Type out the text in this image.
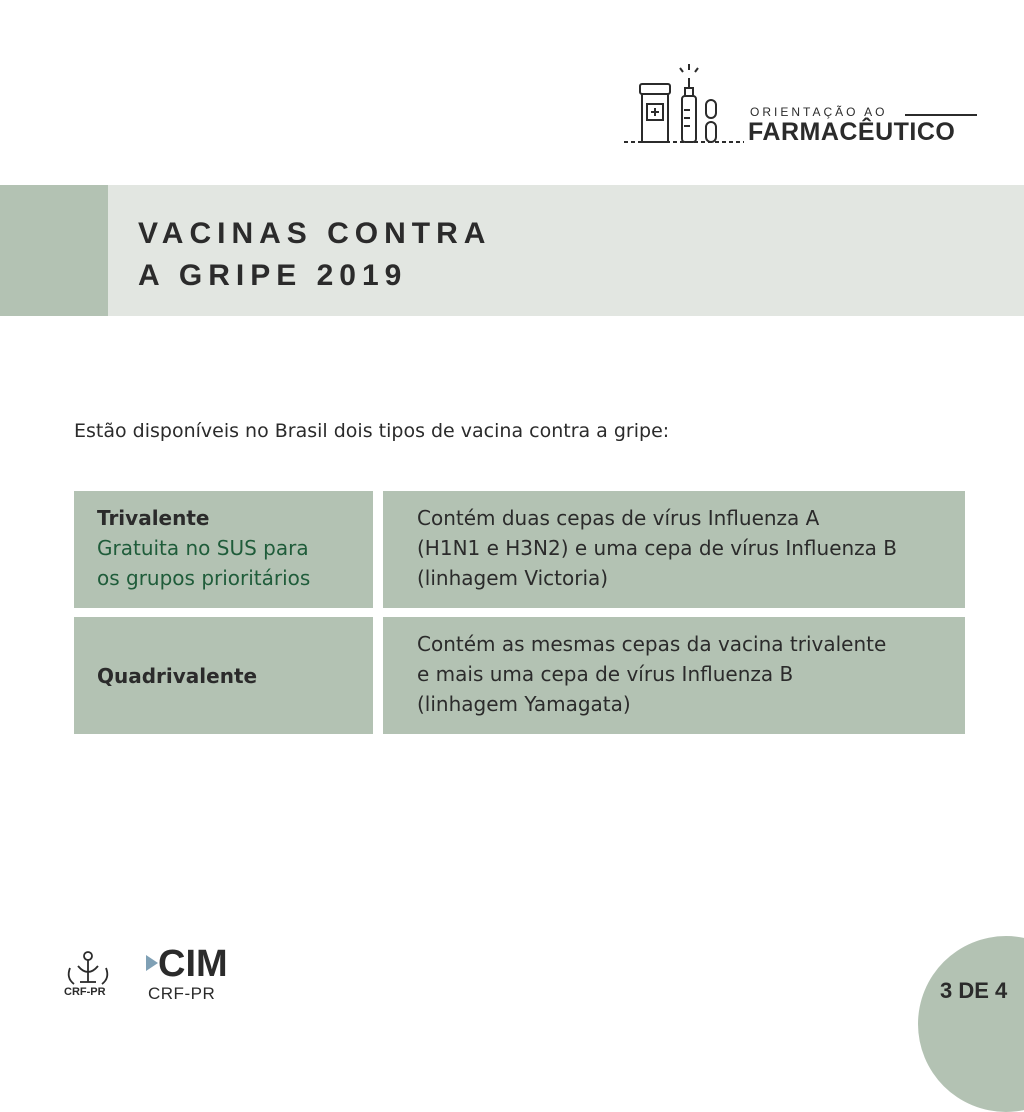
ORIENTAÇÃO AO
FARMACÊUTICO
VACINAS CONTRA
A GRIPE 2019
Estão disponíveis no Brasil dois tipos de vacina contra a gripe:
Trivalente
Gratuita no SUS para
os grupos prioritários
Contém duas cepas de vírus Influenza A
(H1N1 e H3N2) e uma cepa de vírus Influenza B
(linhagem Victoria)
Quadrivalente
Contém as mesmas cepas da vacina trivalente
e mais uma cepa de vírus Influenza B
(linhagem Yamagata)
CRF-PR
CIM
CRF-PR	3 DE 4
